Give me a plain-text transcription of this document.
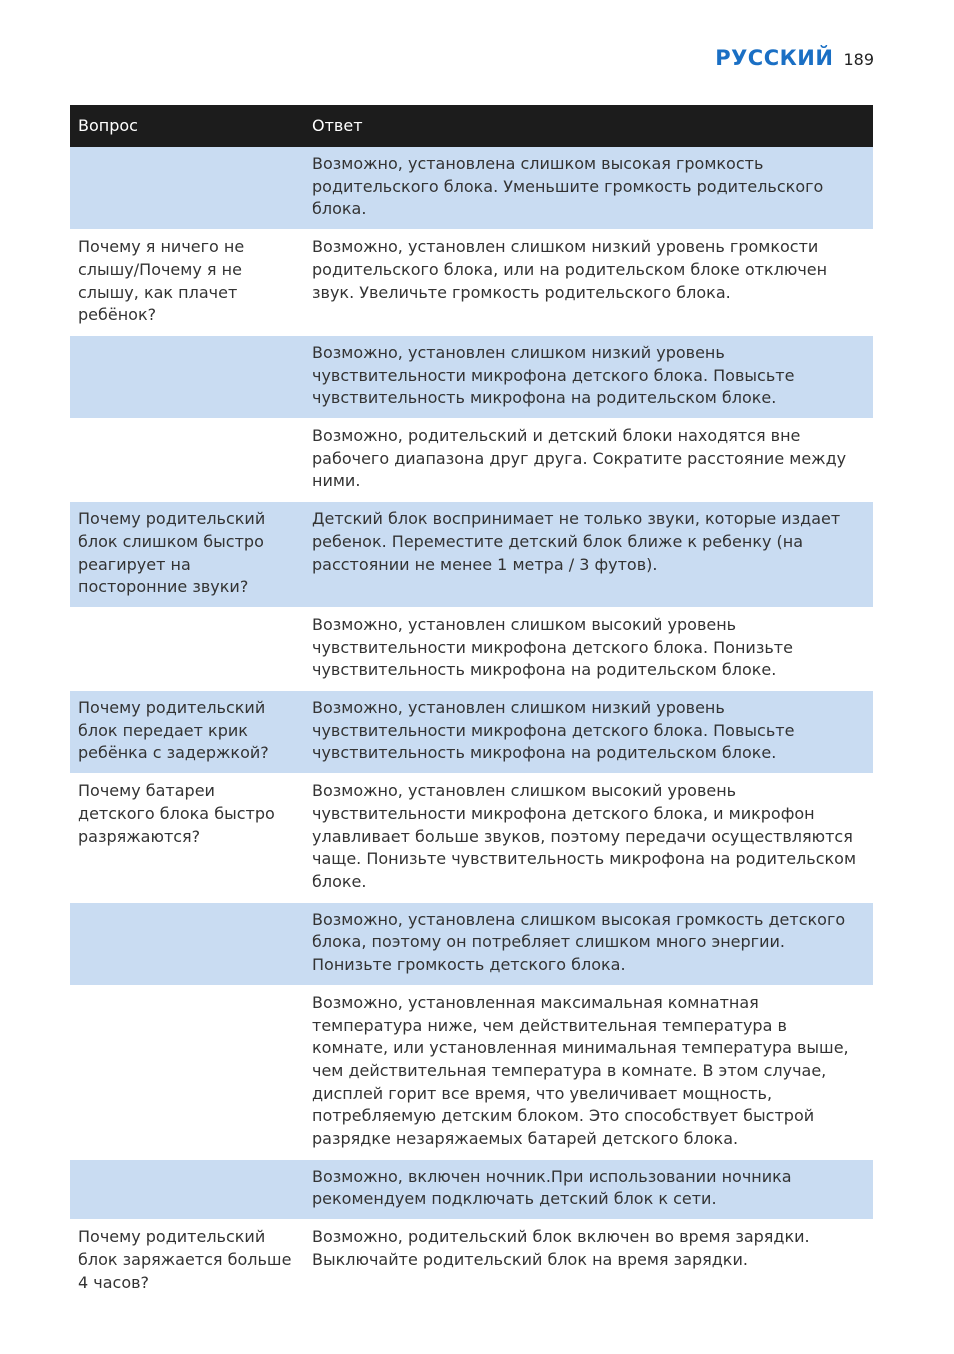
РУССКИЙ 189
Вопрос	Ответ
	Возможно, установлена слишком высокая громкость родительского блока. Уменьшите громкость родительского блока.
Почему я ничего не слышу/Почему я не слышу, как плачет ребёнок?	Возможно, установлен слишком низкий уровень громкости родительского блока, или на родительском блоке отключен звук. Увеличьте громкость родительского блока.
	Возможно, установлен слишком низкий уровень чувствительности микрофона детского блока. Повысьте чувствительность микрофона на родительском блоке.
	Возможно, родительский и детский блоки находятся вне рабочего диапазона друг друга. Сократите расстояние между ними.
Почему родительский блок слишком быстро реагирует на посторонние звуки?	Детский блок воспринимает не только звуки, которые издает ребенок. Переместите детский блок ближе к ребенку (на расстоянии не менее 1 метра / 3 футов).
	Возможно, установлен слишком высокий уровень чувствительности микрофона детского блока. Понизьте чувствительность микрофона на родительском блоке.
Почему родительский блок передает крик ребёнка с задержкой?	Возможно, установлен слишком низкий уровень чувствительности микрофона детского блока. Повысьте чувствительность микрофона на родительском блоке.
Почему батареи детского блока быстро разряжаются?	Возможно, установлен слишком высокий уровень чувствительности микрофона детского блока, и микрофон улавливает больше звуков, поэтому передачи осуществляются чаще. Понизьте чувствительность микрофона на родительском блоке.
	Возможно, установлена слишком высокая громкость детского блока, поэтому он потребляет слишком много энергии. Понизьте громкость детского блока.
	Возможно, установленная максимальная комнатная температура ниже, чем действительная температура в комнате, или установленная минимальная температура выше, чем действительная температура в комнате. В этом случае, дисплей горит все время, что увеличивает мощность, потребляемую детским блоком. Это способствует быстрой разрядке незаряжаемых батарей детского блока.
	Возможно, включен ночник.При использовании ночника рекомендуем подключать детский блок к сети.
Почему родительский блок заряжается больше 4 часов?	Возможно, родительский блок включен во время зарядки. Выключайте родительский блок на время зарядки.
